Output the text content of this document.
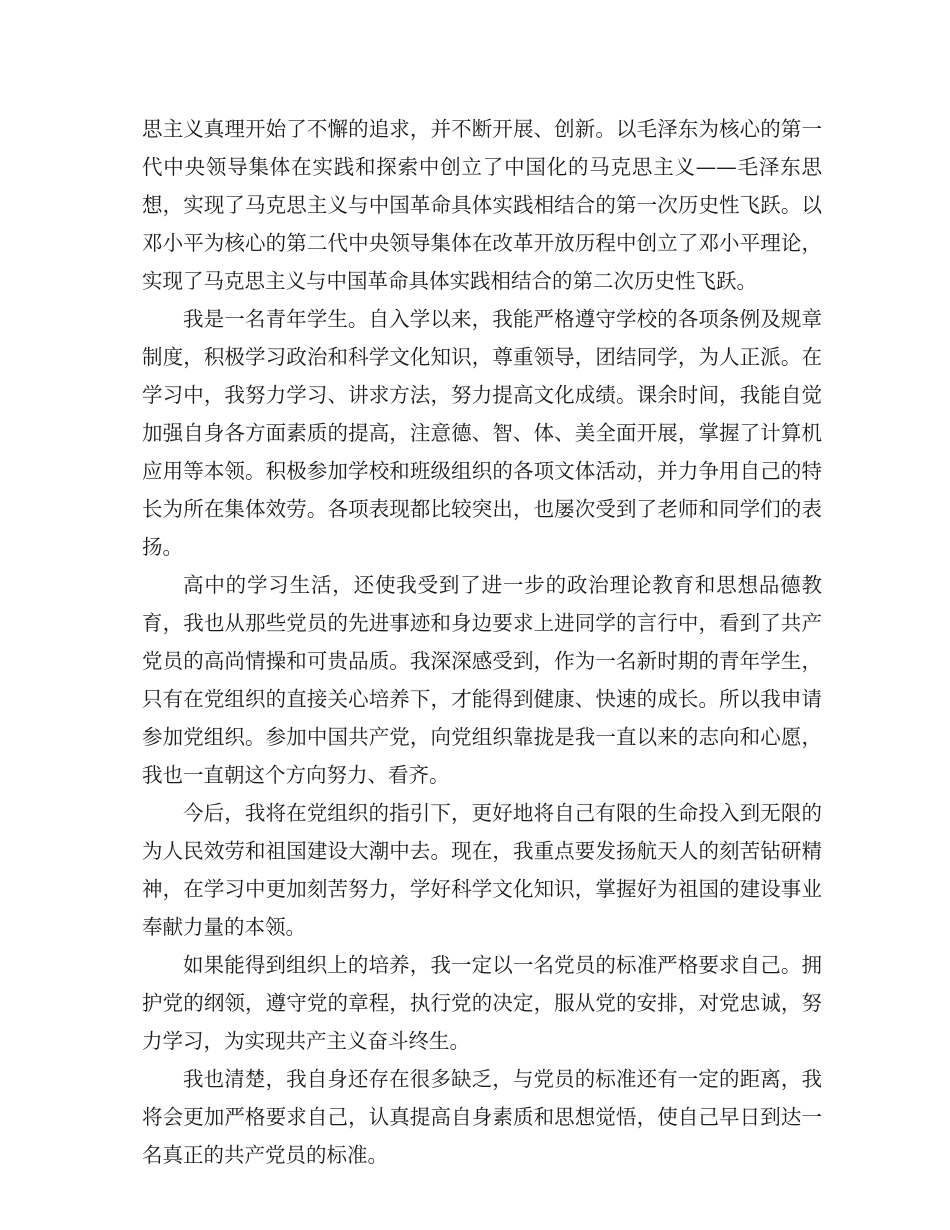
思主义真理开始了不懈的追求，并不断开展、创新。以毛泽东为核心的第一代中央领导集体在实践和探索中创立了中国化的马克思主义——毛泽东思想，实现了马克思主义与中国革命具体实践相结合的第一次历史性飞跃。以邓小平为核心的第二代中央领导集体在改革开放历程中创立了邓小平理论，实现了马克思主义与中国革命具体实践相结合的第二次历史性飞跃。

我是一名青年学生。自入学以来，我能严格遵守学校的各项条例及规章制度，积极学习政治和科学文化知识，尊重领导，团结同学，为人正派。在学习中，我努力学习、讲求方法，努力提高文化成绩。课余时间，我能自觉加强自身各方面素质的提高，注意德、智、体、美全面开展，掌握了计算机应用等本领。积极参加学校和班级组织的各项文体活动，并力争用自己的特长为所在集体效劳。各项表现都比较突出，也屡次受到了老师和同学们的表扬。

高中的学习生活，还使我受到了进一步的政治理论教育和思想品德教育，我也从那些党员的先进事迹和身边要求上进同学的言行中，看到了共产党员的高尚情操和可贵品质。我深深感受到，作为一名新时期的青年学生，只有在党组织的直接关心培养下，才能得到健康、快速的成长。所以我申请参加党组织。参加中国共产党，向党组织靠拢是我一直以来的志向和心愿，我也一直朝这个方向努力、看齐。

今后，我将在党组织的指引下，更好地将自己有限的生命投入到无限的为人民效劳和祖国建设大潮中去。现在，我重点要发扬航天人的刻苦钻研精神，在学习中更加刻苦努力，学好科学文化知识，掌握好为祖国的建设事业奉献力量的本领。

如果能得到组织上的培养，我一定以一名党员的标准严格要求自己。拥护党的纲领，遵守党的章程，执行党的决定，服从党的安排，对党忠诚，努力学习，为实现共产主义奋斗终生。

我也清楚，我自身还存在很多缺乏，与党员的标准还有一定的距离，我将会更加严格要求自己，认真提高自身素质和思想觉悟，使自己早日到达一名真正的共产党员的标准。
